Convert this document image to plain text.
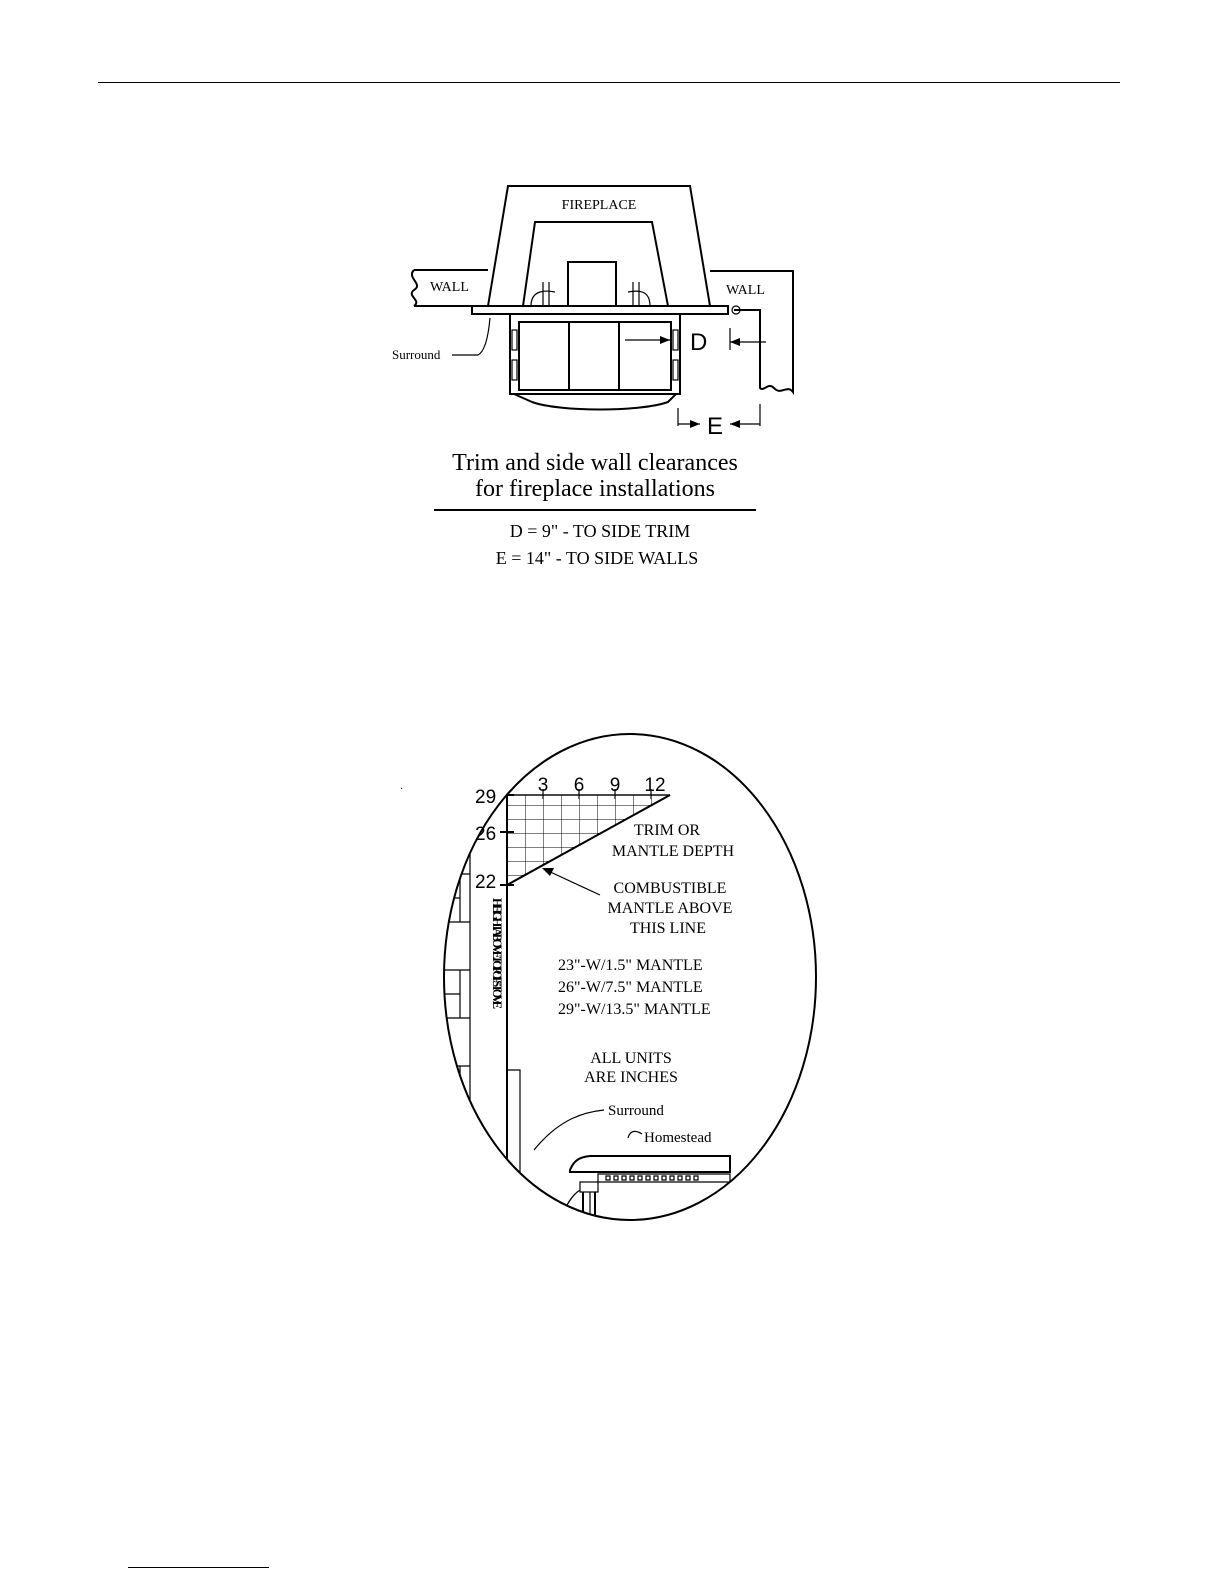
D
E
FIREPLACE
WALL	WALL
Surround
Trim and side wall clearances
for fireplace installations
D = 9" - TO SIDE TRIM
E = 14" - TO SIDE WALLS
·	3 6 9 12
29
26
22
HEIGHT ABOVE TOP OF STOVE
TRIM OR
MANTLE DEPTH
COMBUSTIBLE
MANTLE ABOVE
THIS LINE
23"-W/1.5" MANTLE
26"-W/7.5" MANTLE
29"-W/13.5" MANTLE
ALL UNITS
ARE INCHES
Surround
Homestead
